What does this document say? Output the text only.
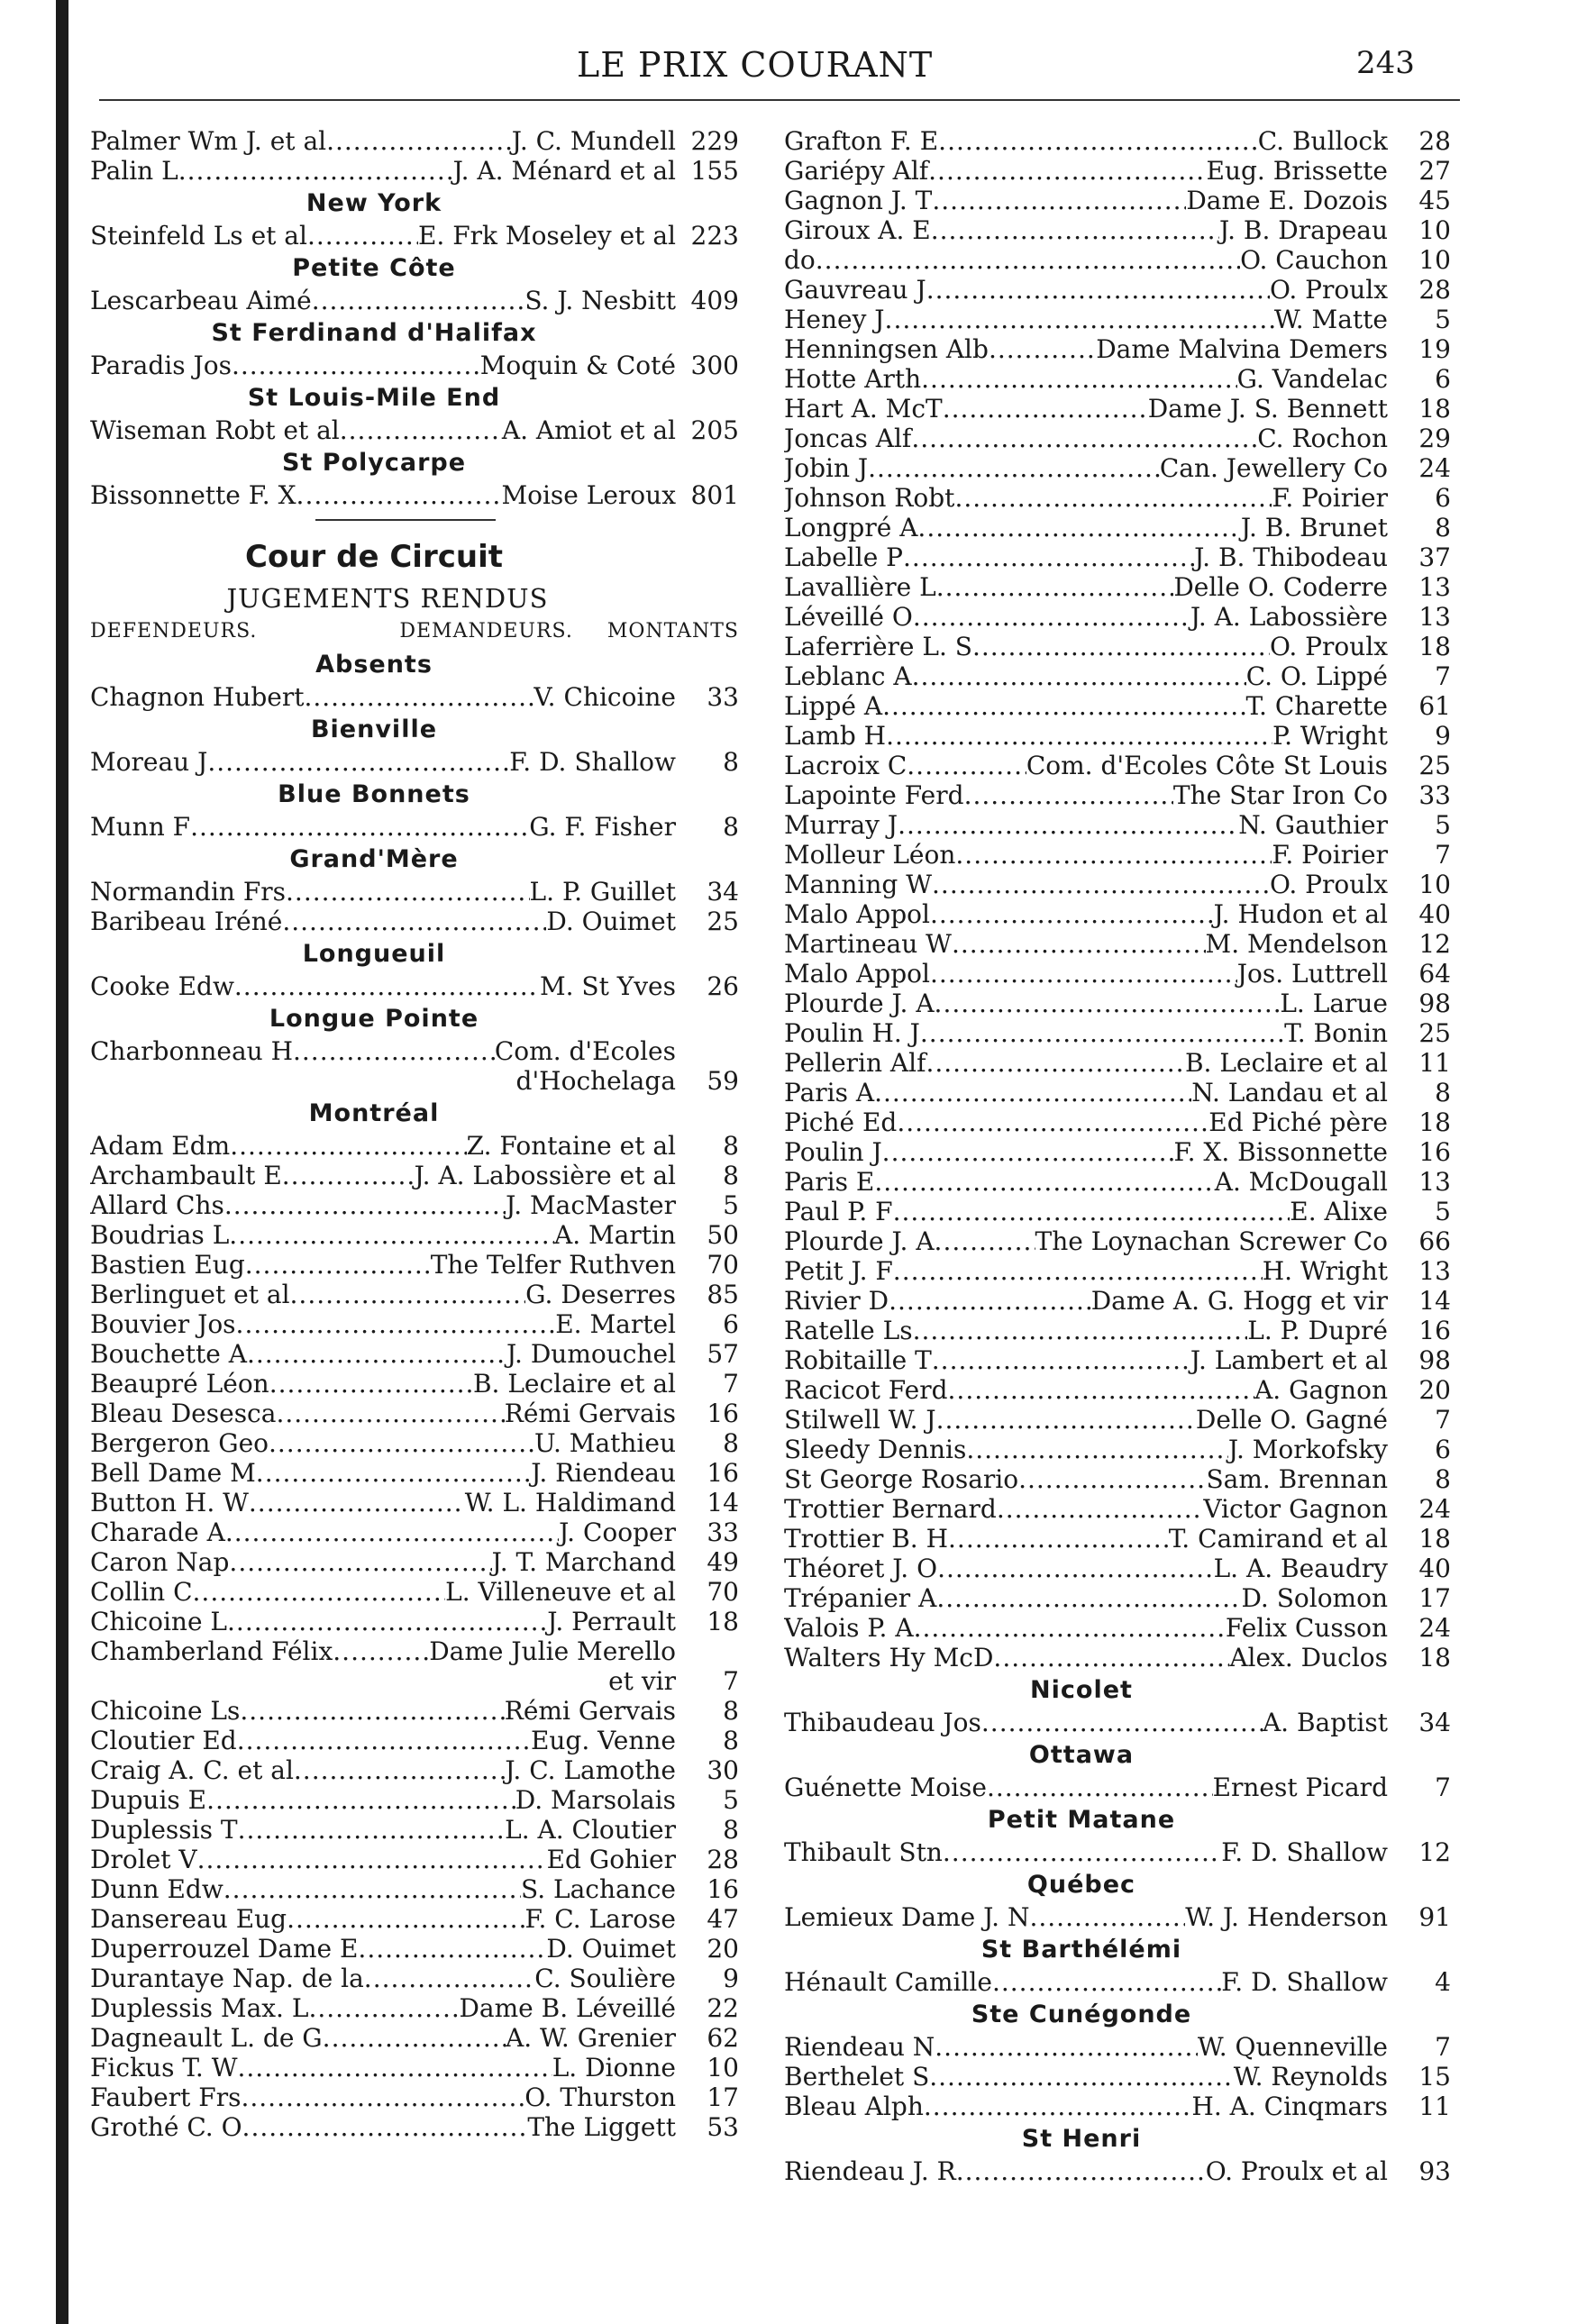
LE PRIX COURANT	243
Palmer Wm J. et al .....	J. C. Mundell 229
Palin L .....	J. A. Ménard et al 155
New York
Steinfeld Ls et al .....	E. Frk Moseley et al 223
Petite Côte
Lescarbeau Aimé .....	S. J. Nesbitt 409
St Ferdinand d'Halifax
Paradis Jos .....	Moquin & Coté 300
St Louis-Mile End
Wiseman Robt et al .....	A. Amiot et al 205
St Polycarpe
Bissonnette F. X .....	Moise Leroux 801
Cour de Circuit
JUGEMENTS RENDUS
DEFENDEURS.	DEMANDEURS. MONTANTS
Absents
Chagnon Hubert .....	V. Chicoine	33
Bienville
Moreau J .....	F. D. Shallow	8
Blue Bonnets
Munn F .....	G. F. Fisher	8
Grand'Mère
Normandin Frs .....	L. P. Guillet	34
Baribeau Iréné .....	D. Ouimet	25
Longueuil
Cooke Edw .....	M. St Yves	26
Longue Pointe
Charbonneau H .....	Com. d'Ecoles
d'Hochelaga	59
Montréal
Adam Edm .....	Z. Fontaine et al	8
Archambault E .....	J. A. Labossière et al	8
Allard Chs .....	J. MacMaster	5
Boudrias L .....	A. Martin	50
Bastien Eug .....	The Telfer Ruthven	70
Berlinguet et al .....	G. Deserres	85
Bouvier Jos .....	E. Martel	6
Bouchette A .....	J. Dumouchel	57
Beaupré Léon .....	B. Leclaire et al	7
Bleau Desesca .....	Rémi Gervais	16
Bergeron Geo .....	U. Mathieu	8
Bell Dame M .....	J. Riendeau	16
Button H. W .....	W. L. Haldimand	14
Charade A .....	J. Cooper	33
Caron Nap .....	J. T. Marchand	49
Collin C .....	L. Villeneuve et al	70
Chicoine L .....	J. Perrault	18
Chamberland Félix .....	Dame Julie Merello
et vir	7
Chicoine Ls .....	Rémi Gervais	8
Cloutier Ed .....	Eug. Venne	8
Craig A. C. et al .....	J. C. Lamothe	30
Dupuis E .....	D. Marsolais	5
Duplessis T .....	L. A. Cloutier	8
Drolet V .....	Ed Gohier	28
Dunn Edw .....	S. Lachance	16
Dansereau Eug .....	F. C. Larose	47
Duperrouzel Dame E .....	D. Ouimet	20
Durantaye Nap. de la .....	C. Soulière	9
Duplessis Max. L .....	Dame B. Léveillé	22
Dagneault L. de G .....	A. W. Grenier	62
Fickus T. W .....	L. Dionne	10
Faubert Frs .....	O. Thurston	17
Grothé C. O .....	The Liggett	53
Grafton F. E .....	C. Bullock	28
Gariépy Alf .....	Eug. Brissette	27
Gagnon J. T .....	Dame E. Dozois	45
Giroux A. E .....	J. B. Drapeau	10
do .....	O. Cauchon	10
Gauvreau J .....	O. Proulx	28
Heney J .....	W. Matte	5
Henningsen Alb .....	Dame Malvina Demers	19
Hotte Arth .....	G. Vandelac	6
Hart A. McT .....	Dame J. S. Bennett	18
Joncas Alf .....	C. Rochon	29
Jobin J .....	Can. Jewellery Co	24
Johnson Robt .....	F. Poirier	6
Longpré A .....	J. B. Brunet	8
Labelle P .....	J. B. Thibodeau	37
Lavallière L .....	Delle O. Coderre	13
Léveillé O .....	J. A. Labossière	13
Laferrière L. S .....	O. Proulx	18
Leblanc A .....	C. O. Lippé	7
Lippé A .....	T. Charette	61
Lamb H .....	P. Wright	9
Lacroix C .....	Com. d'Ecoles Côte St Louis	25
Lapointe Ferd .....	The Star Iron Co	33
Murray J .....	N. Gauthier	5
Molleur Léon .....	F. Poirier	7
Manning W .....	O. Proulx	10
Malo Appol .....	J. Hudon et al	40
Martineau W .....	M. Mendelson	12
Malo Appol .....	Jos. Luttrell	64
Plourde J. A .....	L. Larue	98
Poulin H. J .....	T. Bonin	25
Pellerin Alf .....	B. Leclaire et al	11
Paris A .....	N. Landau et al	8
Piché Ed .....	Ed Piché père	18
Poulin J .....	F. X. Bissonnette	16
Paris E .....	A. McDougall	13
Paul P. F .....	E. Alixe	5
Plourde J. A .....	The Loynachan Screwer Co	66
Petit J. F .....	H. Wright	13
Rivier D .....	Dame A. G. Hogg et vir	14
Ratelle Ls .....	L. P. Dupré	16
Robitaille T .....	J. Lambert et al	98
Racicot Ferd .....	A. Gagnon	20
Stilwell W. J .....	Delle O. Gagné	7
Sleedy Dennis .....	J. Morkofsky	6
St George Rosario .....	Sam. Brennan	8
Trottier Bernard .....	Victor Gagnon	24
Trottier B. H .....	T. Camirand et al	18
Théoret J. O .....	L. A. Beaudry	40
Trépanier A .....	D. Solomon	17
Valois P. A .....	Felix Cusson	24
Walters Hy McD .....	Alex. Duclos	18
Nicolet
Thibaudeau Jos .....	A. Baptist	34
Ottawa
Guénette Moise .....	Ernest Picard	7
Petit Matane
Thibault Stn .....	F. D. Shallow	12
Québec
Lemieux Dame J. N .....	W. J. Henderson	91
St Barthélémi
Hénault Camille .....	F. D. Shallow	4
Ste Cunégonde
Riendeau N .....	W. Quenneville	7
Berthelet S .....	W. Reynolds	15
Bleau Alph .....	H. A. Cinqmars	11
St Henri
Riendeau J. R .....	O. Proulx et al	93
